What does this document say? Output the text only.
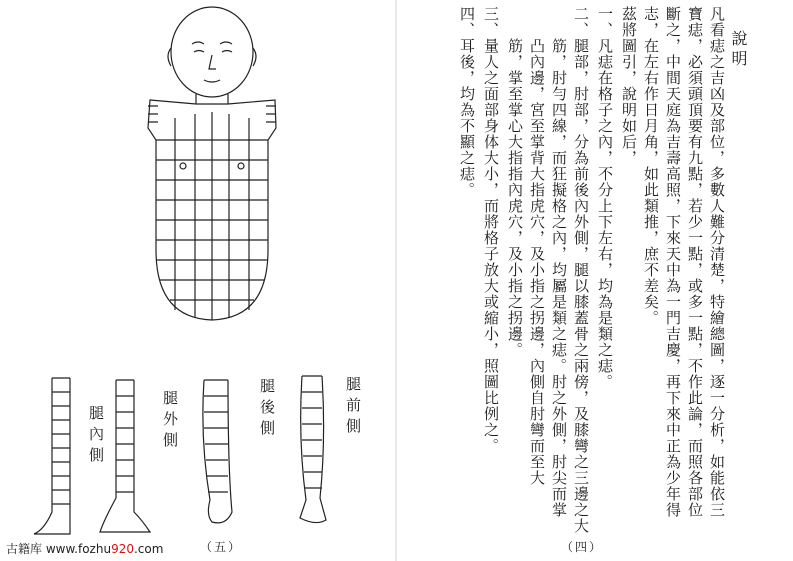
腿前側
腿後側
腿外側
腿內側
（五）
說明
凡看痣之吉凶及部位，多數人難分清楚，特繪總圖，逐一分析，如能依三
寶痣，必須頭頂要有九點，若少一點，或多一點，不作此論，而照各部位
斷之，中間天庭為吉壽高照，下來天中為一門吉慶，再下來中正為少年得
志，在左右作日月角，如此類推，庶不差矣。
茲將圖引，說明如后，
一、凡痣在格子之內，不分上下左右，均為是類之痣。
二、腿部，肘部，分為前後內外側，腿以膝蓋骨之兩傍，及膝彎之三邊之大
　　筋，肘勻四線，而狂擬格之內，均屬是類之痣。肘之外側，肘尖而掌
　　凸內邊，宮至掌背大指虎穴，及小指之拐邊，內側自肘彎而至大
　　筋，掌至掌心大指指內虎穴，及小指之拐邊。
三、量人之面部身体大小，而將格子放大或縮小，照圖比例之。
四、耳後，均為不顯之痣。
（四）
古籍库 www.fozhu920.com
